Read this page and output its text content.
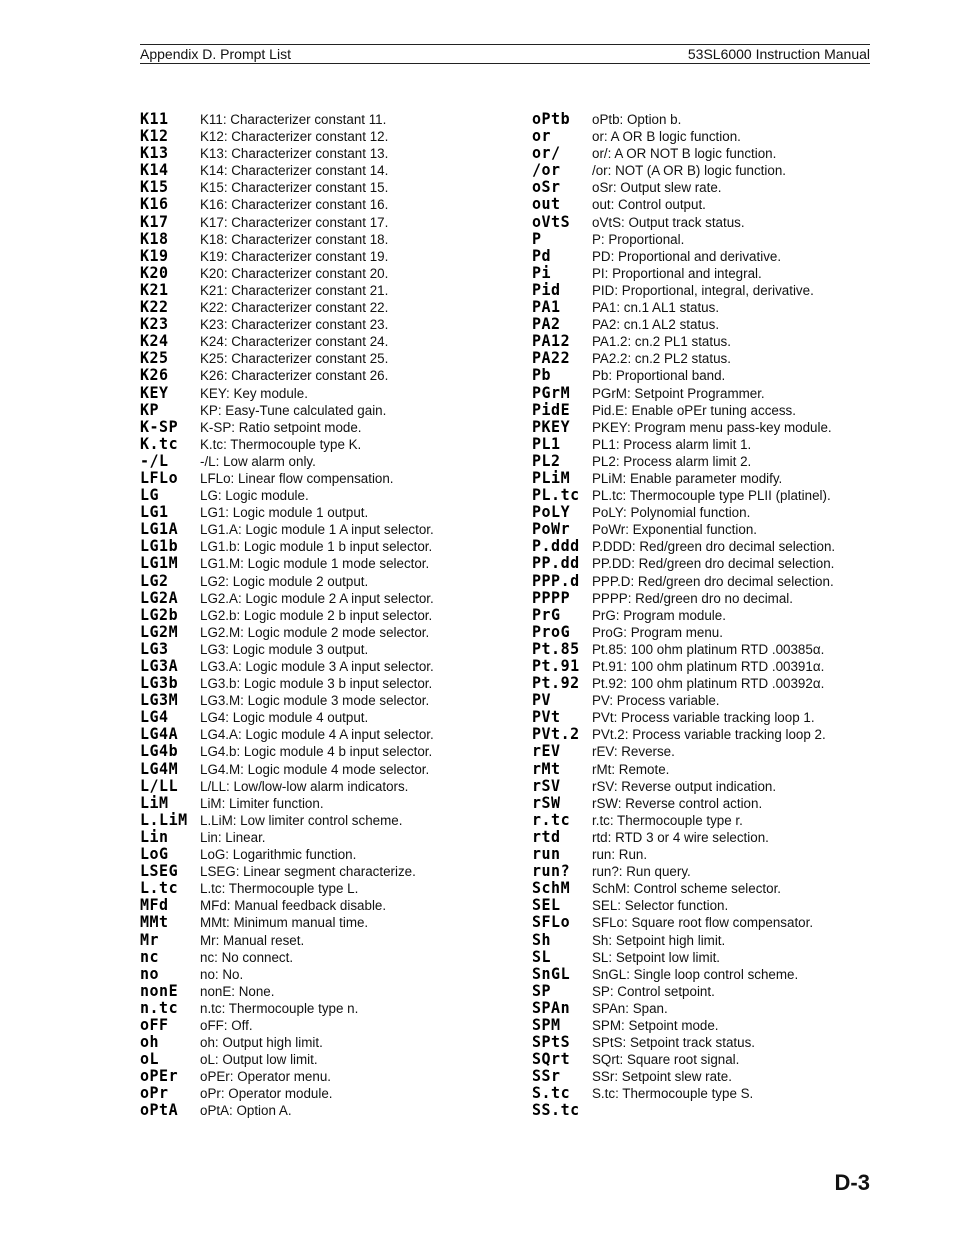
Appendix D. Prompt List	53SL6000 Instruction Manual
K11	K11: Characterizer constant 11.
K12	K12: Characterizer constant 12.
K13	K13: Characterizer constant 13.
K14	K14: Characterizer constant 14.
K15	K15: Characterizer constant 15.
K16	K16: Characterizer constant 16.
K17	K17: Characterizer constant 17.
K18	K18: Characterizer constant 18.
K19	K19: Characterizer constant 19.
K20	K20: Characterizer constant 20.
K21	K21: Characterizer constant 21.
K22	K22: Characterizer constant 22.
K23	K23: Characterizer constant 23.
K24	K24: Characterizer constant 24.
K25	K25: Characterizer constant 25.
K26	K26: Characterizer constant 26.
KEY	KEY: Key module.
KP	KP: Easy-Tune calculated gain.
K-SP	K-SP: Ratio setpoint mode.
K.tc	K.tc: Thermocouple type K.
-/L	-/L: Low alarm only.
LFLo	LFLo: Linear flow compensation.
LG	LG: Logic module.
LG1	LG1: Logic module 1 output.
LG1A	LG1.A: Logic module 1 A input selector.
LG1b	LG1.b: Logic module 1 b input selector.
LG1M	LG1.M: Logic module 1 mode selector.
LG2	LG2: Logic module 2 output.
LG2A	LG2.A: Logic module 2 A input selector.
LG2b	LG2.b: Logic module 2 b input selector.
LG2M	LG2.M: Logic module 2 mode selector.
LG3	LG3: Logic module 3 output.
LG3A	LG3.A: Logic module 3 A input selector.
LG3b	LG3.b: Logic module 3 b input selector.
LG3M	LG3.M: Logic module 3 mode selector.
LG4	LG4: Logic module 4 output.
LG4A	LG4.A: Logic module 4 A input selector.
LG4b	LG4.b: Logic module 4 b input selector.
LG4M	LG4.M: Logic module 4 mode selector.
L/LL	L/LL: Low/low-low alarm indicators.
LiM	LiM: Limiter function.
L.LiM L.LiM: Low limiter control scheme.
Lin	Lin: Linear.
LoG	LoG: Logarithmic function.
LSEG	LSEG: Linear segment characterize.
L.tc	L.tc: Thermocouple type L.
MFd	MFd: Manual feedback disable.
MMt	MMt: Minimum manual time.
Mr	Mr: Manual reset.
nc	nc: No connect.
no	no: No.
nonE	nonE: None.
n.tc	n.tc: Thermocouple type n.
oFF	oFF: Off.
oh	oh: Output high limit.
oL	oL: Output low limit.
oPEr	oPEr: Operator menu.
oPr	oPr: Operator module.
oPtA	oPtA: Option A.
oPtb	oPtb: Option b.
or	or: A OR B logic function.
or/	or/: A OR NOT B logic function.
/or	/or: NOT (A OR B) logic function.
oSr	oSr: Output slew rate.
out	out: Control output.
oVtS	oVtS: Output track status.
P	P: Proportional.
Pd	PD: Proportional and derivative.
Pi	PI: Proportional and integral.
Pid	PID: Proportional, integral, derivative.
PA1	PA1: cn.1 AL1 status.
PA2	PA2: cn.1 AL2 status.
PA12	PA1.2: cn.2 PL1 status.
PA22	PA2.2: cn.2 PL2 status.
Pb	Pb: Proportional band.
PGrM	PGrM: Setpoint Programmer.
PidE	Pid.E: Enable oPEr tuning access.
PKEY	PKEY: Program menu pass-key module.
PL1	PL1: Process alarm limit 1.
PL2	PL2: Process alarm limit 2.
PLiM	PLiM: Enable parameter modify.
PL.tc PL.tc: Thermocouple type PLII (platinel).
PoLY	PoLY: Polynomial function.
PoWr	PoWr: Exponential function.
P.ddd P.DDD: Red/green dro decimal selection.
PP.dd PP.DD: Red/green dro decimal selection.
PPP.d PPP.D: Red/green dro decimal selection.
PPPP	PPPP: Red/green dro no decimal.
PrG	PrG: Program module.
ProG	ProG: Program menu.
Pt.85 Pt.85: 100 ohm platinum RTD .00385α.
Pt.91 Pt.91: 100 ohm platinum RTD .00391α.
Pt.92 Pt.92: 100 ohm platinum RTD .00392α.
PV	PV: Process variable.
PVt	PVt: Process variable tracking loop 1.
PVt.2 PVt.2: Process variable tracking loop 2.
rEV	rEV: Reverse.
rMt	rMt: Remote.
rSV	rSV: Reverse output indication.
rSW	rSW: Reverse control action.
r.tc	r.tc: Thermocouple type r.
rtd	rtd: RTD 3 or 4 wire selection.
run	run: Run.
run?	run?: Run query.
SchM	SchM: Control scheme selector.
SEL	SEL: Selector function.
SFLo	SFLo: Square root flow compensator.
Sh	Sh: Setpoint high limit.
SL	SL: Setpoint low limit.
SnGL	SnGL: Single loop control scheme.
SP	SP: Control setpoint.
SPAn	SPAn: Span.
SPM	SPM: Setpoint mode.
SPtS	SPtS: Setpoint track status.
SQrt	SQrt: Square root signal.
SSr	SSr: Setpoint slew rate.
S.tc	S.tc: Thermocouple type S.
SS.tc
D-3
